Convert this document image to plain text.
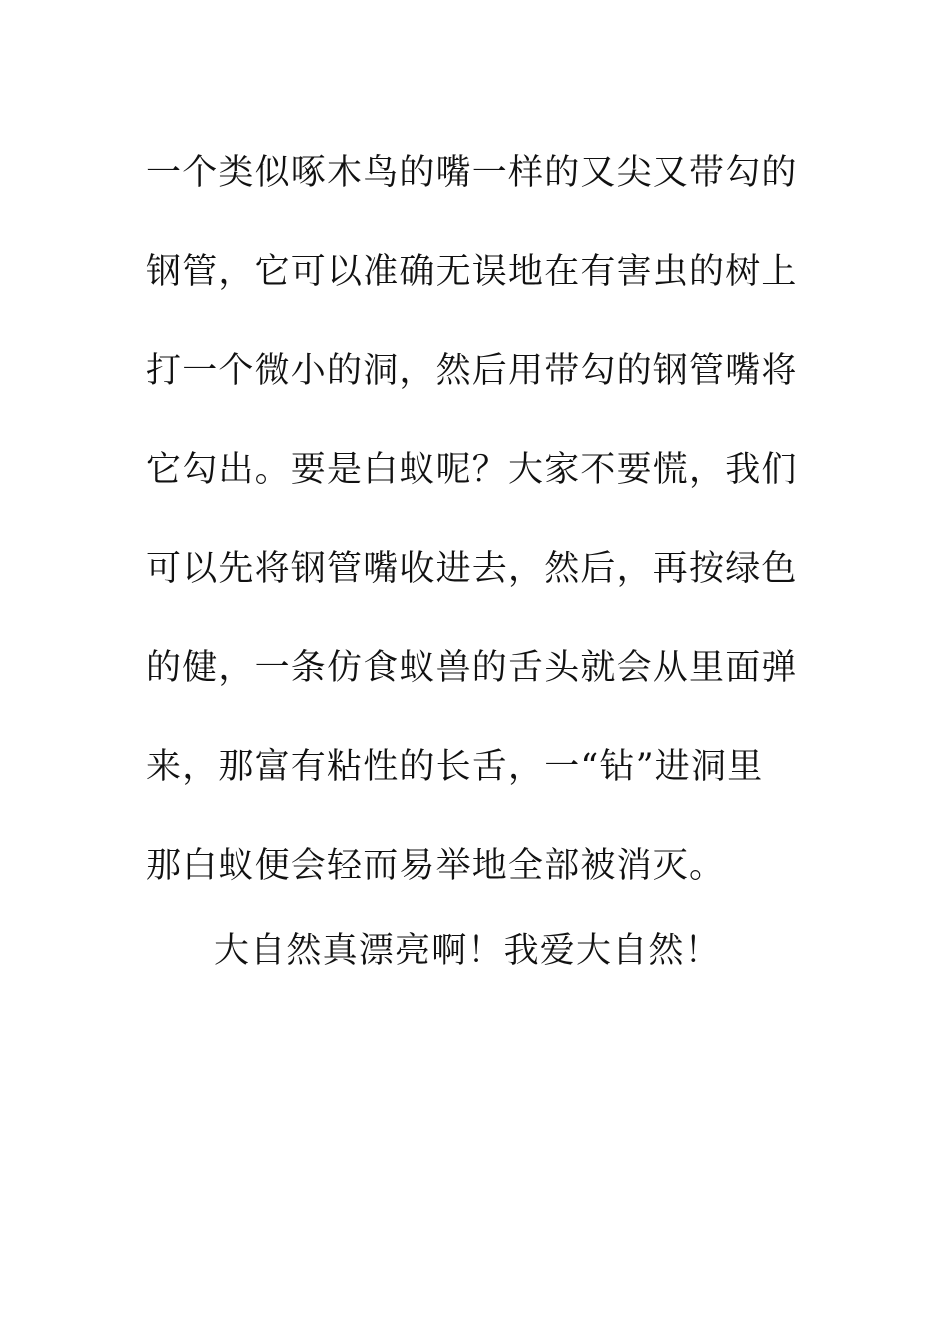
一个类似啄木鸟的嘴一样的又尖又带勾的
钢管，它可以准确无误地在有害虫的树上
打一个微小的洞，然后用带勾的钢管嘴将
它勾出。要是白蚁呢？大家不要慌，我们
可以先将钢管嘴收进去，然后，再按绿色
的健，一条仿食蚁兽的舌头就会从里面弹
来，那富有粘性的长舌，一“钻”进洞里
那白蚁便会轻而易举地全部被消灭。

大自然真漂亮啊！我爱大自然！
